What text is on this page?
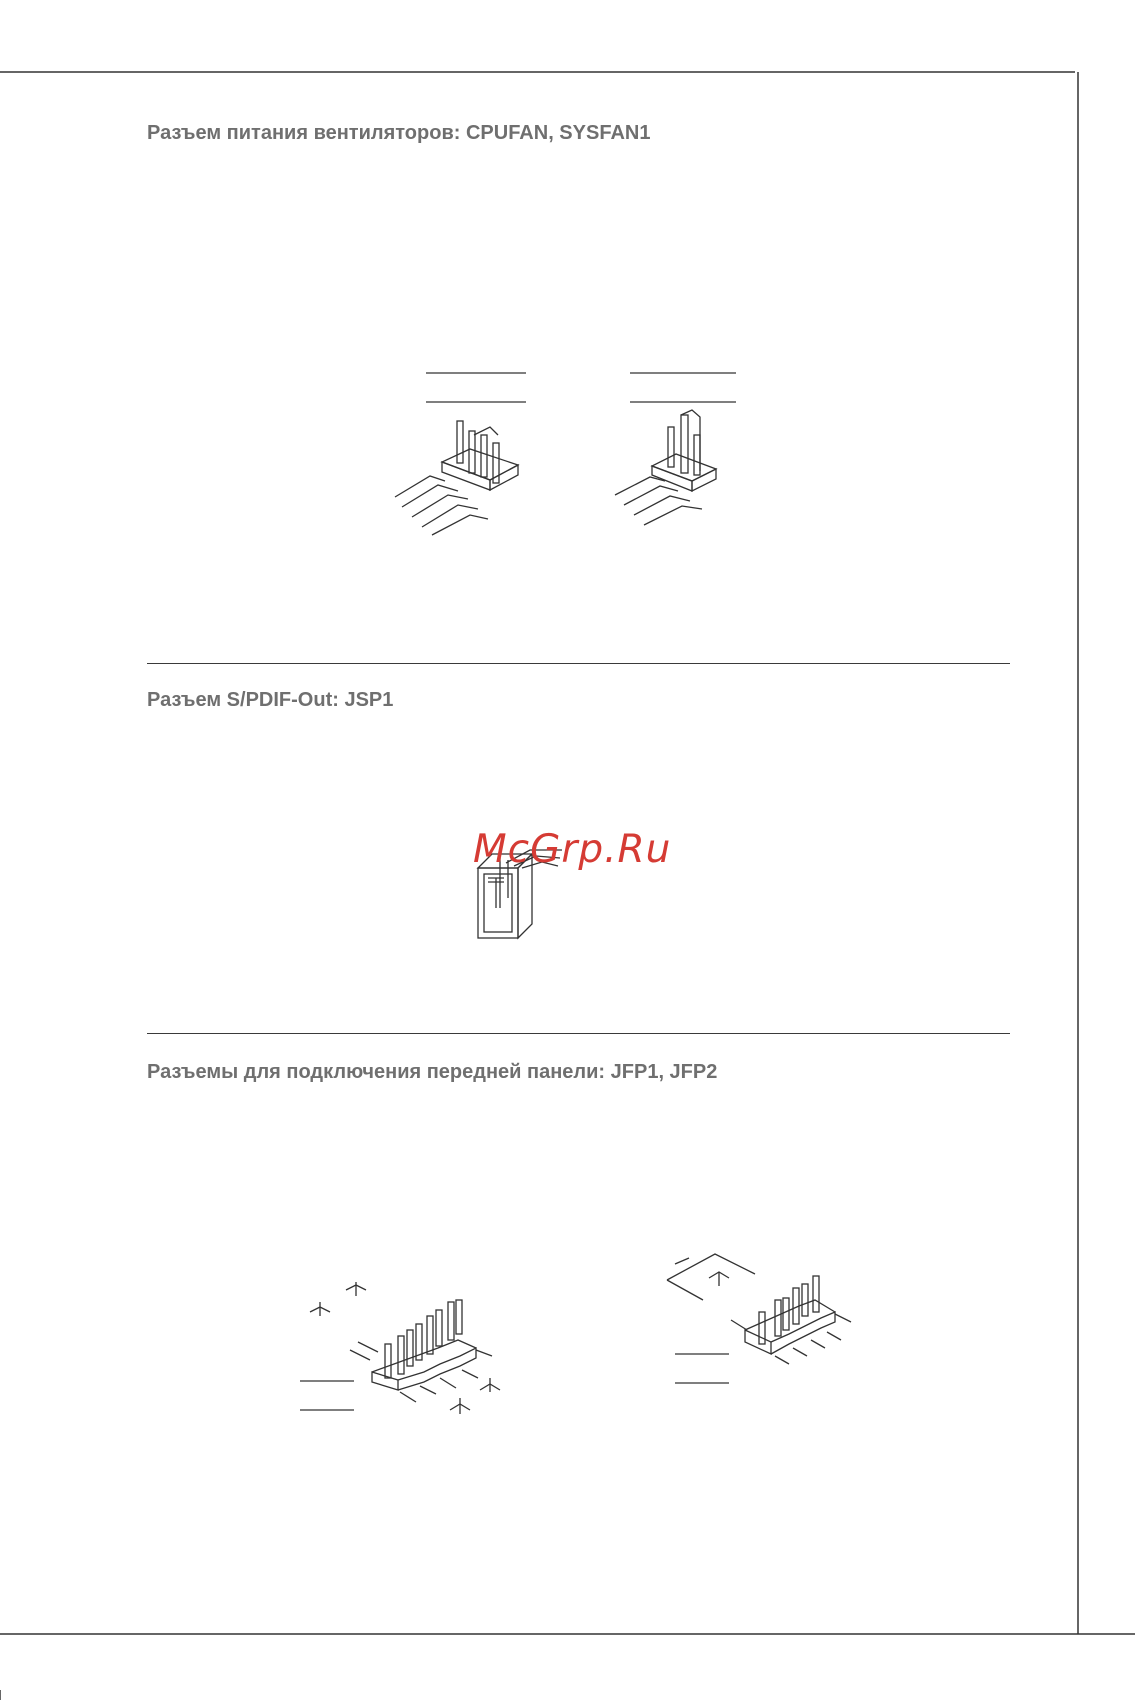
Разъем питания вентиляторов: CPUFAN, SYSFAN1
Разъем S/PDIF-Out: JSP1

McGrp.Ru

Разъемы для подключения передней панели: JFP1, JFP2
